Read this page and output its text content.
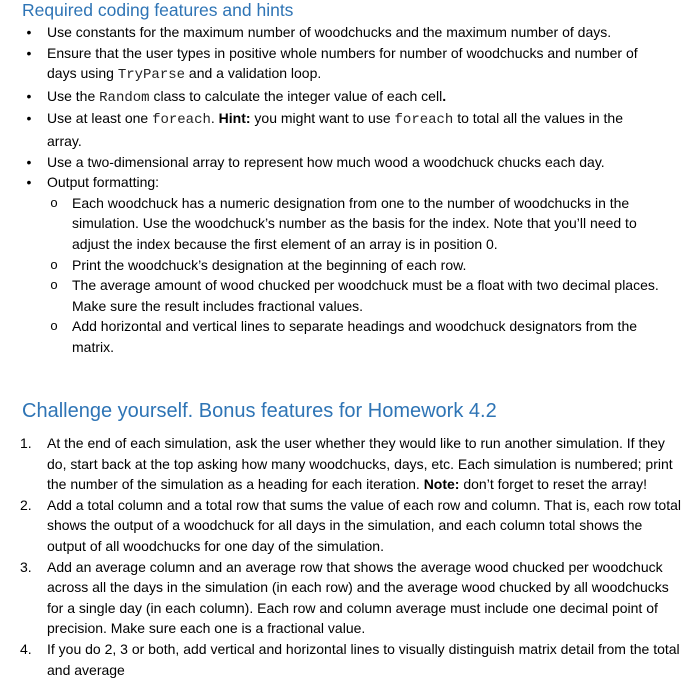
Required coding features and hints
•	Use constants for the maximum number of woodchucks and the maximum number of days.
•	Ensure that the user types in positive whole numbers for number of woodchucks and number of days using TryParse and a validation loop.
•	Use the Random class to calculate the integer value of each cell.
•	Use at least one foreach. Hint: you might want to use foreach to total all the values in the array.
•	Use a two-dimensional array to represent how much wood a woodchuck chucks each day.
•	Output formatting:
o Each woodchuck has a numeric designation from one to the number of woodchucks in the simulation. Use the woodchuck’s number as the basis for the index. Note that you’ll need to adjust the index because the first element of an array is in position 0.
o Print the woodchuck’s designation at the beginning of each row.
o The average amount of wood chucked per woodchuck must be a float with two decimal places. Make sure the result includes fractional values.
o Add horizontal and vertical lines to separate headings and woodchuck designators from the matrix.
Challenge yourself. Bonus features for Homework 4.2
1.	At the end of each simulation, ask the user whether they would like to run another simulation. If they do, start back at the top asking how many woodchucks, days, etc. Each simulation is numbered; print the number of the simulation as a heading for each iteration. Note: don’t forget to reset the array!
2.	Add a total column and a total row that sums the value of each row and column. That is, each row total shows the output of a woodchuck for all days in the simulation, and each column total shows the output of all woodchucks for one day of the simulation.
3.	Add an average column and an average row that shows the average wood chucked per woodchuck across all the days in the simulation (in each row) and the average wood chucked by all woodchucks for a single day (in each column). Each row and column average must include one decimal point of precision. Make sure each one is a fractional value.
4.	If you do 2, 3 or both, add vertical and horizontal lines to visually distinguish matrix detail from the total and average
